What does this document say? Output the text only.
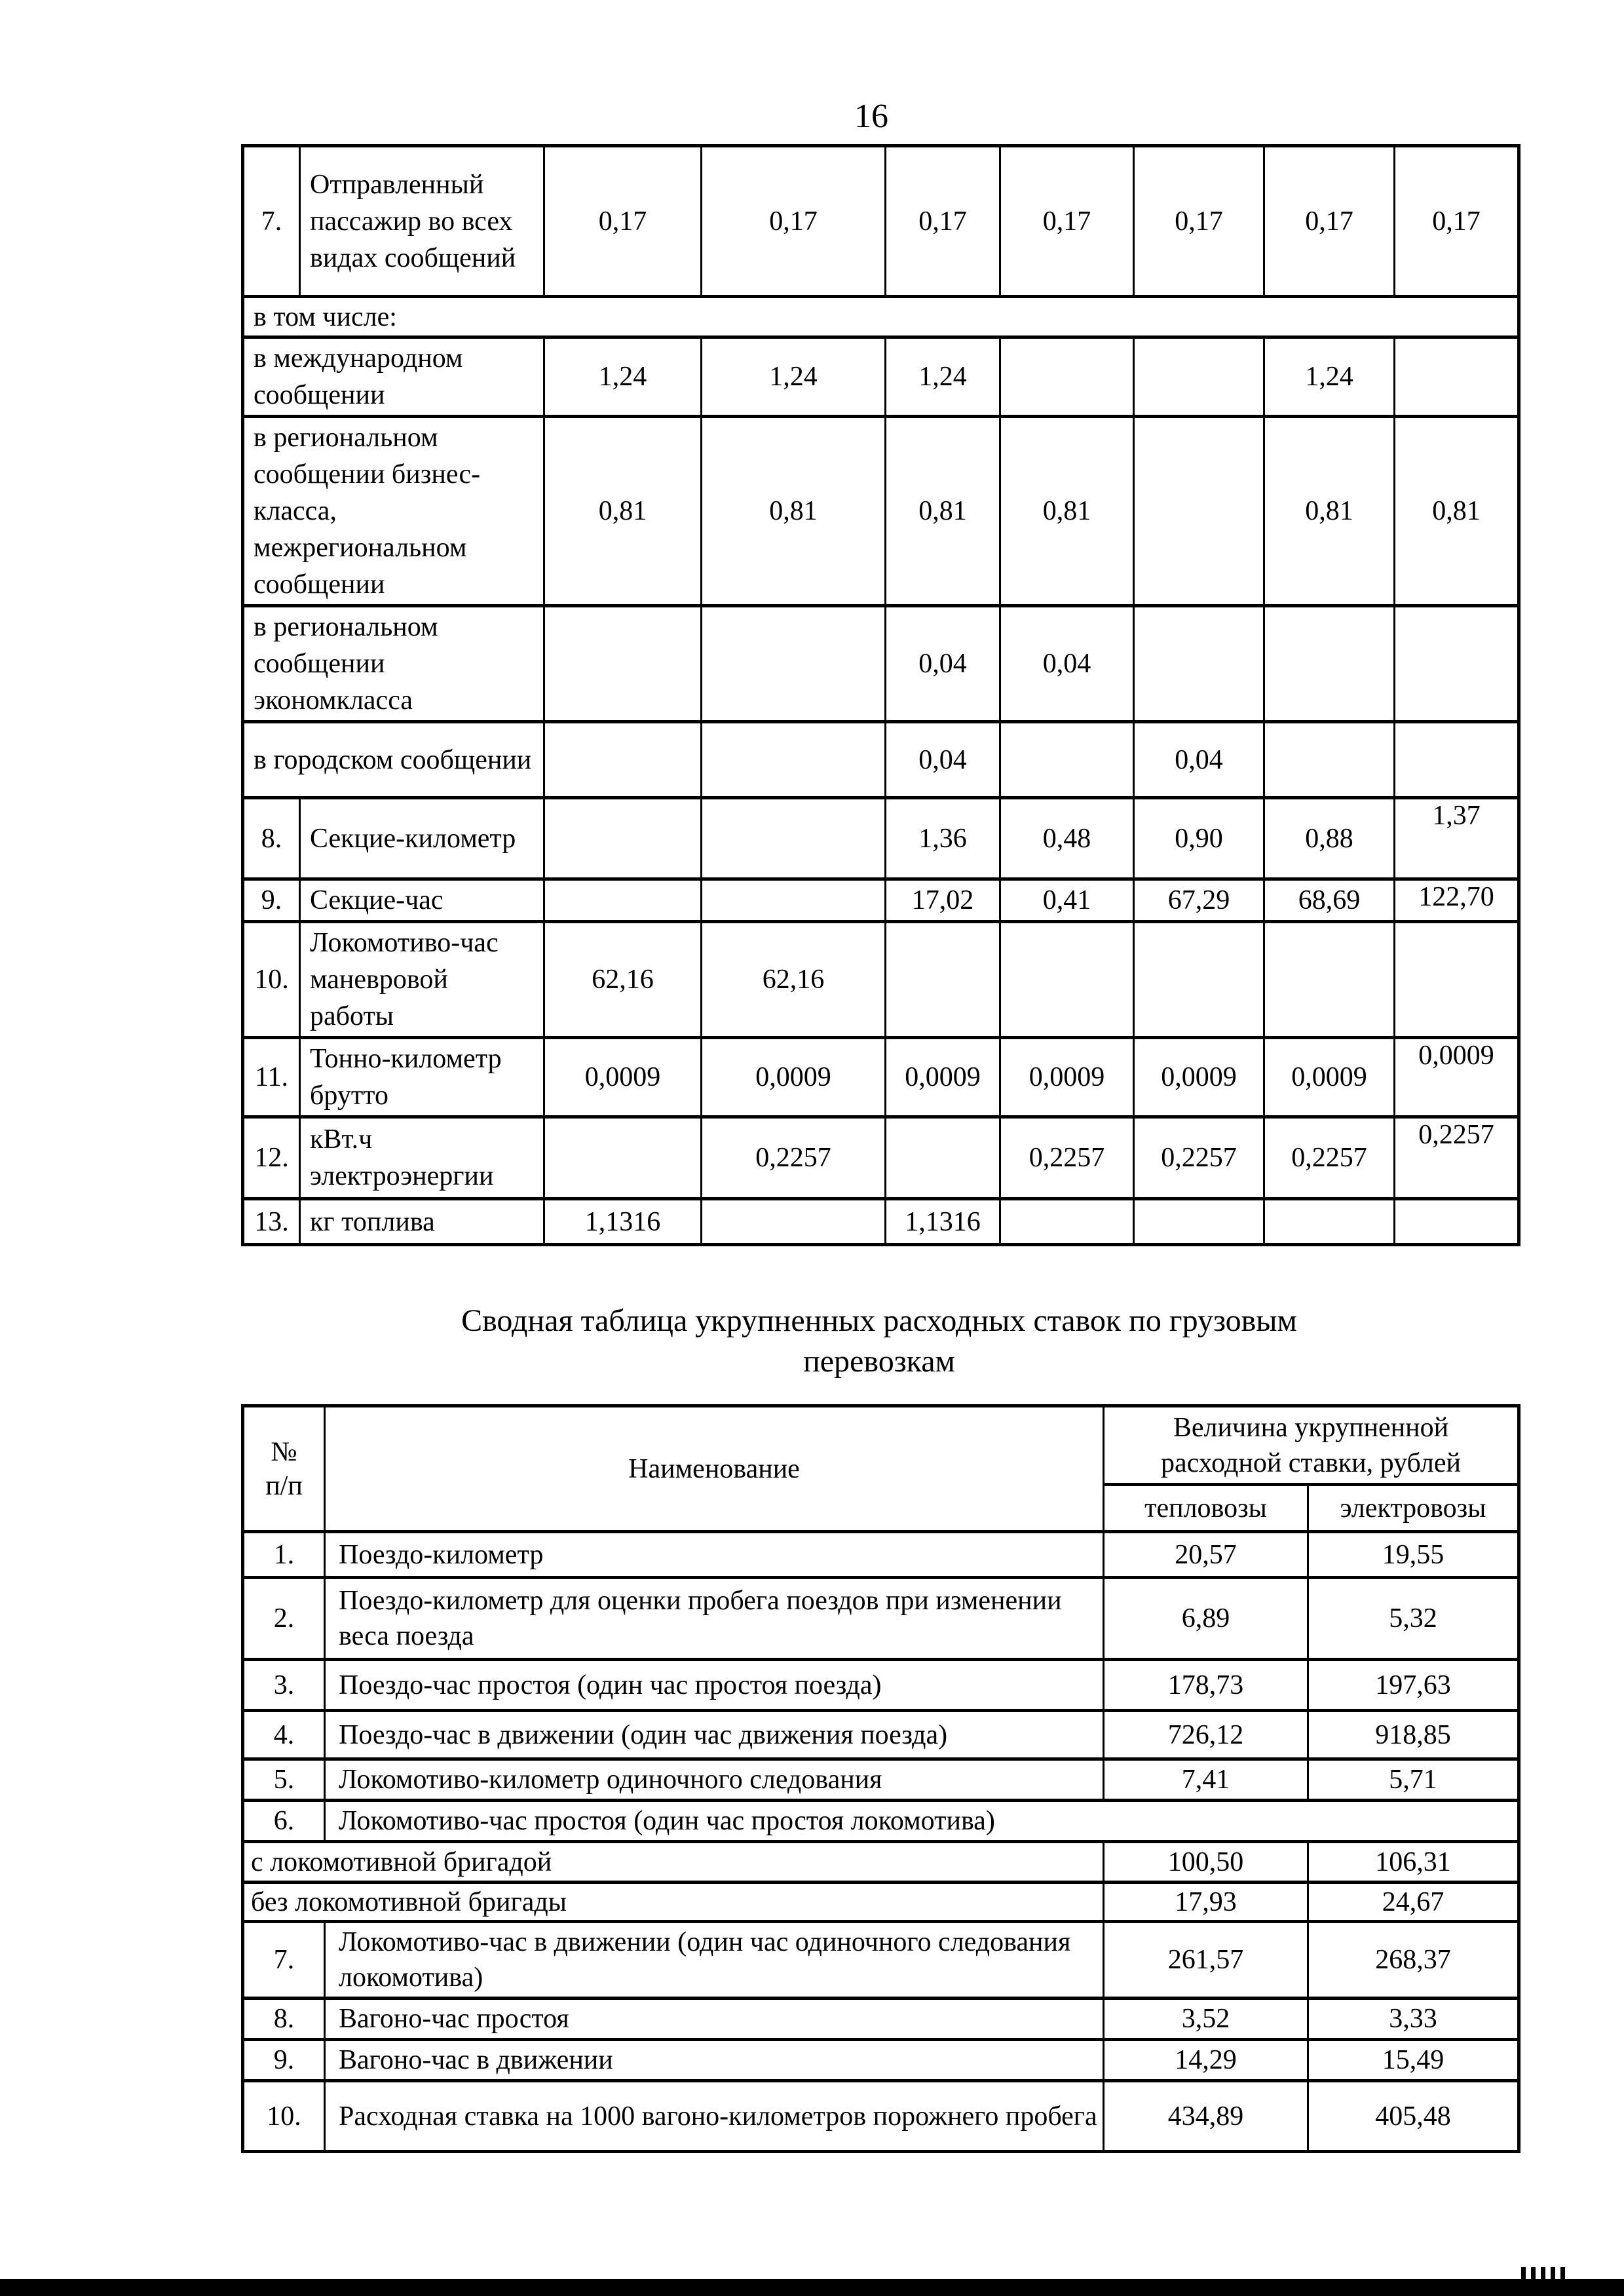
16
7.	Отправленный пассажир во всех видах сообщений	0,17	0,17	0,17	0,17	0,17	0,17	0,17
в том числе:								
в международном сообщении		1,24	1,24	1,24			1,24	
в региональном сообщении бизнес-класса, межрегиональном сообщении		0,81	0,81	0,81	0,81		0,81	0,81
в региональном сообщении экономкласса				0,04	0,04			
в городском сообщении				0,04		0,04		
8.	Секцие-километр			1,36	0,48	0,90	0,88	1,37
9.	Секцие-час			17,02	0,41	67,29	68,69	122,70
10.	Локомотиво-час маневровой работы	62,16	62,16					
11.	Тонно-километр брутто	0,0009	0,0009	0,0009	0,0009	0,0009	0,0009	0,0009
12.	кВт.ч электроэнергии		0,2257		0,2257	0,2257	0,2257	0,2257
13.	кг топлива	1,1316		1,1316				
Сводная таблица укрупненных расходных ставок по грузовым перевозкам
№ п/п	Наименование	Величина укрупненной расходной ставки, рублей	

		тепловозы	электровозы
1.	Поездо-километр	20,57	19,55
2.	Поездо-километр для оценки пробега поездов при изменении веса поезда	6,89	5,32
3.	Поездо-час простоя (один час простоя поезда)	178,73	197,63
4.	Поездо-час в движении (один час движения поезда)	726,12	918,85
5.	Локомотиво-километр одиночного следования	7,41	5,71
6.	Локомотиво-час простоя (один час простоя локомотива)		
с локомотивной бригадой		100,50	106,31
без локомотивной бригады		17,93	24,67
7.	Локомотиво-час в движении (один час одиночного следования локомотива)	261,57	268,37
8.	Вагоно-час простоя	3,52	3,33
9.	Вагоно-час в движении	14,29	15,49
10.	Расходная ставка на 1000 вагоно-километров порожнего пробега	434,89	405,48
